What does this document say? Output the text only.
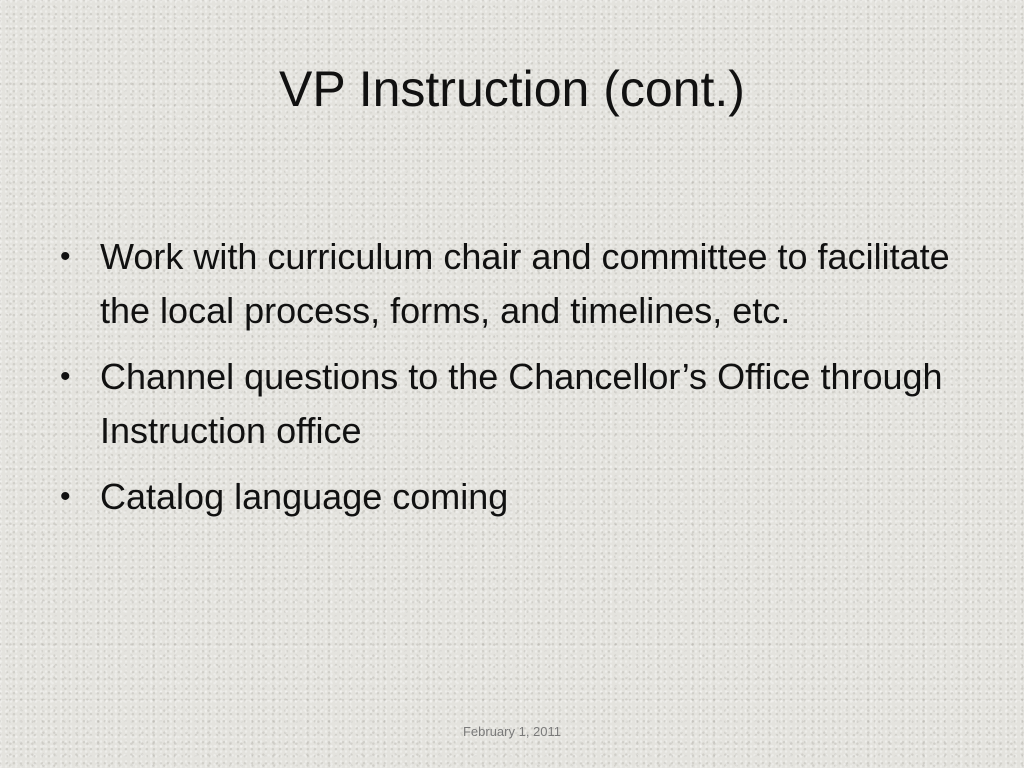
VP Instruction (cont.)
• Work with curriculum chair and committee to facilitate the local process, forms, and timelines, etc.
• Channel questions to the Chancellor’s Office through Instruction office
• Catalog language coming
February 1, 2011
